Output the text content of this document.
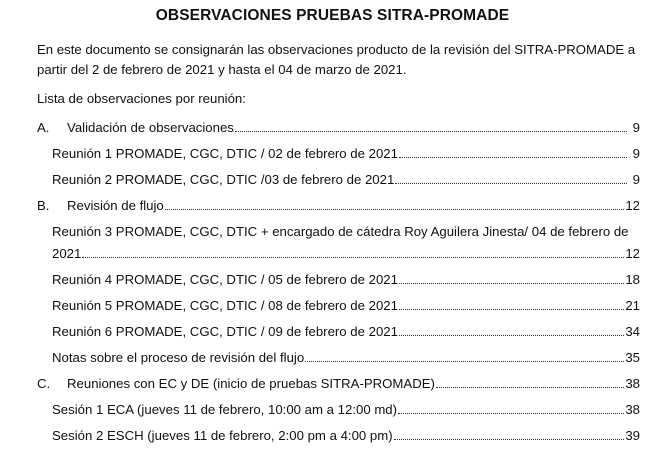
OBSERVACIONES PRUEBAS SITRA-PROMADE
En este documento se consignarán las observaciones producto de la revisión del SITRA-PROMADE a partir del 2 de febrero de 2021 y hasta el 04 de marzo de 2021.
Lista de observaciones por reunión:
A.	Validación de observaciones	9
Reunión 1 PROMADE, CGC, DTIC / 02 de febrero de 2021	9
Reunión 2 PROMADE, CGC, DTIC /03 de febrero de 2021	9
B.	Revisión de flujo	12
Reunión 3 PROMADE, CGC, DTIC + encargado de cátedra Roy Aguilera Jinesta/ 04 de febrero de
2021	12
Reunión 4 PROMADE, CGC, DTIC / 05 de febrero de 2021	18
Reunión 5 PROMADE, CGC, DTIC / 08 de febrero de 2021	21
Reunión 6 PROMADE, CGC, DTIC / 09 de febrero de 2021	34
Notas sobre el proceso de revisión del flujo	35
C.	Reuniones con EC y DE (inicio de pruebas SITRA-PROMADE)	38
Sesión 1 ECA (jueves 11 de febrero, 10:00 am a 12:00 md)	38
Sesión 2 ESCH (jueves 11 de febrero, 2:00 pm a 4:00 pm)	39
